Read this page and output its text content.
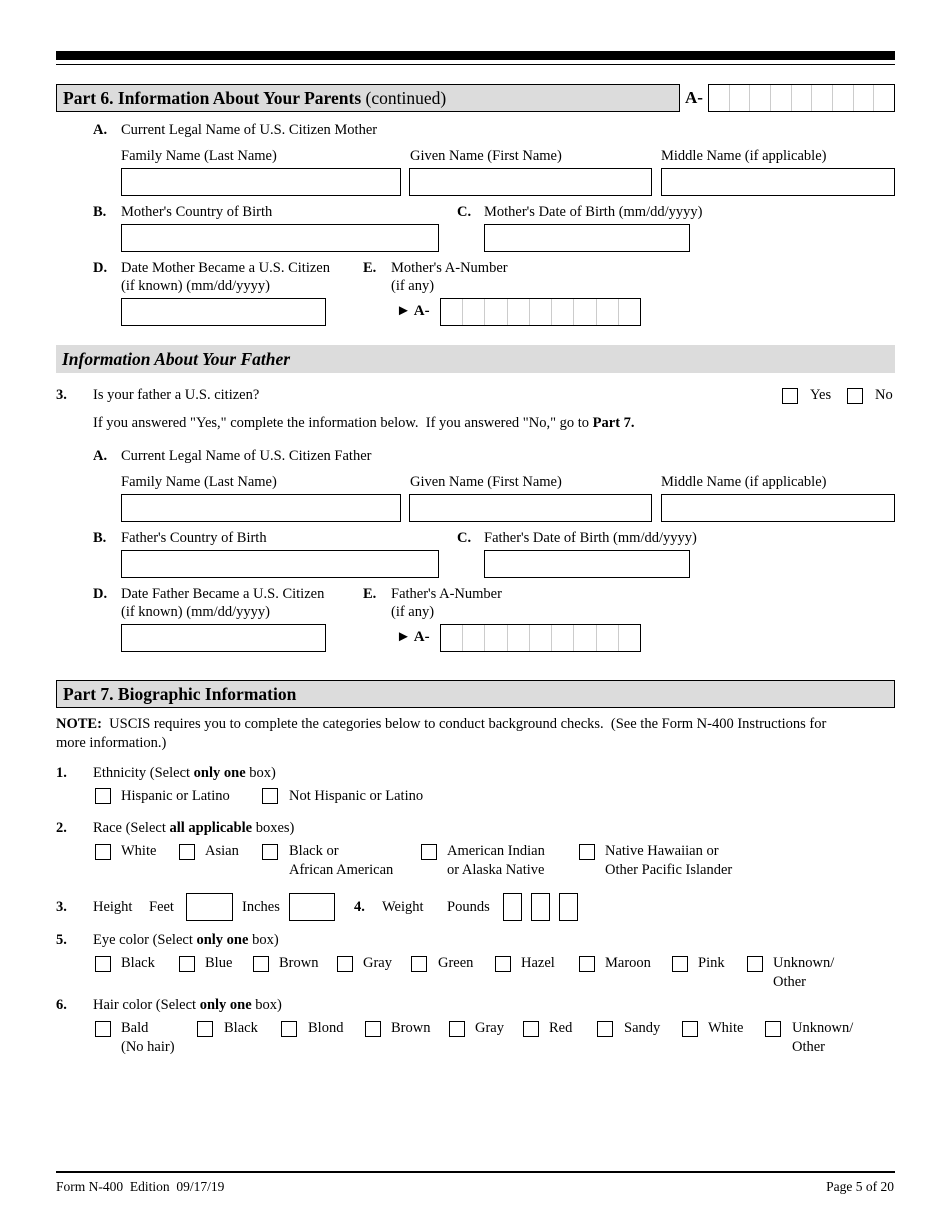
Part 6. Information About Your Parents (continued)	A-
A. Current Legal Name of U.S. Citizen Mother
Family Name (Last Name)	Given Name (First Name)	Middle Name (if applicable)
B. Mother's Country of Birth	C. Mother's Date of Birth (mm/dd/yyyy)
D. Date Mother Became a U.S. Citizen
(if known) (mm/dd/yyyy)
E. Mother's A-Number
(if any)
► A-
Information About Your Father
3. Is your father a U.S. citizen?	Yes	No
If you answered "Yes," complete the information below.  If you answered "No," go to Part 7.
A. Current Legal Name of U.S. Citizen Father
Family Name (Last Name)	Given Name (First Name)	Middle Name (if applicable)
B. Father's Country of Birth	C. Father's Date of Birth (mm/dd/yyyy)
D. Date Father Became a U.S. Citizen
(if known) (mm/dd/yyyy)
E. Father's A-Number
(if any)
► A-
Part 7. Biographic Information
NOTE:  USCIS requires you to complete the categories below to conduct background checks.  (See the Form N-400 Instructions for
more information.)
1. Ethnicity (Select only one box)
Hispanic or Latino	Not Hispanic or Latino
2. Race (Select all applicable boxes)
White	Asian	Black or
African American
American Indian
or Alaska Native
Native Hawaiian or
Other Pacific Islander
3. Height Feet	Inches	4. Weight Pounds
5. Eye color (Select only one box)
Black	Blue	Brown	Gray	Green	Hazel	Maroon	Pink	Unknown/
Other
6. Hair color (Select only one box)
Bald
(No hair)
Black	Blond	Brown	Gray	Red	Sandy	White	Unknown/
Other
Form N-400  Edition  09/17/19	Page 5 of 20
